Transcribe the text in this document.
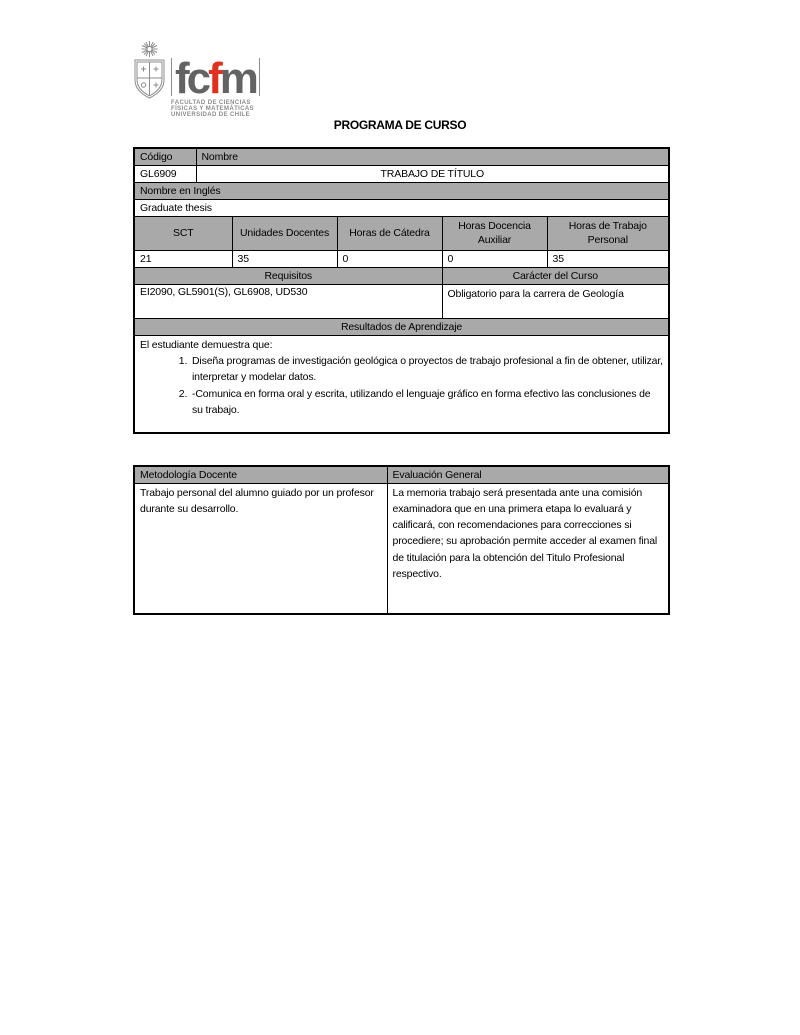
fcfm
FACULTAD DE CIENCIAS
FÍSICAS Y MATEMÁTICAS
UNIVERSIDAD DE CHILE
PROGRAMA DE CURSO
Código	Nombre				
GL6909	TRABAJO DE TÍTULO				
Nombre en Inglés					
Graduate thesis					
SCT		Unidades Docentes	Horas de Cátedra	Horas Docencia Auxiliar	Horas de Trabajo Personal
21		35	0	0	35
Requisitos				Carácter del Curso	
EI2090, GL5901(S), GL6908, UD530				Obligatorio para la carrera de Geología	
Resultados de Aprendizaje					

El estudiante demuestra que:
1. Diseña programas de investigación geológica o proyectos de trabajo profesional a fin de obtener, utilizar, interpretar y modelar datos.
2. -Comunica en forma oral y escrita, utilizando el lenguaje gráfico en forma efectivo las conclusiones de su trabajo.
Metodología Docente	Evaluación General
Trabajo personal del alumno guiado por un profesor durante su desarrollo.	La memoria trabajo será presentada ante una comisión examinadora que en una primera etapa lo evaluará y calificará, con recomendaciones para correcciones si procediere; su aprobación permite acceder al examen final de titulación para la obtención del Titulo Profesional respectivo.
